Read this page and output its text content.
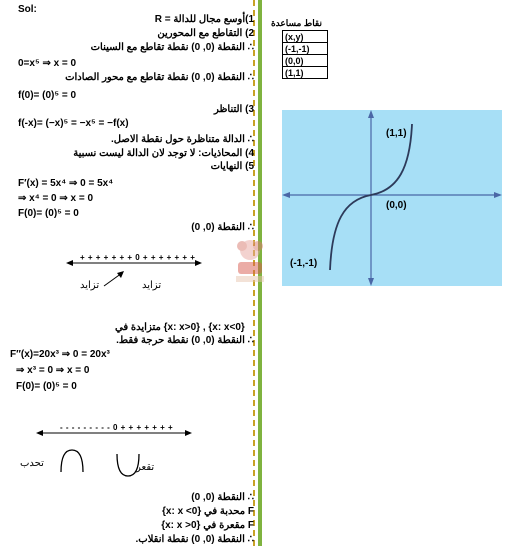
Sol:
1)أوسع مجال للدالة = R
2) التقاطع مع المحورين
∴ النقطة (0, 0) نقطة تقاطع مع السينات
0=x⁵ ⇒ x = 0
∴ النقطة (0, 0) نقطة تقاطع مع محور الصادات
f(0)= (0)⁵ = 0
3) التناظر
f(-x)= (−x)⁵ = −x⁵ = −f(x)
∴ الدالة متناظرة حول نقطة الاصل.
4) المحاذيات: لا توجد لان الدالة ليست نسبية
5) النهايات
F′(x) = 5x⁴ ⇒ 0 = 5x⁴
⇒ x⁴ = 0 ⇒ x = 0
F(0)= (0)⁵ = 0
∴ النقطة (0, 0)
+ + + + + + + 0 + + + + + + +
تزايد	تزايد
متزايدة في {x: x>0} , {x: x<0}
∴ النقطة (0, 0) نقطة حرجة فقط.
F″(x)=20x³ ⇒ 0 = 20x³
⇒ x³ = 0 ⇒ x = 0
F(0)= (0)⁵ = 0
- - - - - - - - - 0 + + + + + + +
تحدب	تقعر
∴ النقطة (0, 0)
F محدبة في {x: x <0}
F مقعرة في {x: x >0}
∴ النقطة (0, 0) نقطة انقلاب.
نقاط مساعدة
(x,y)
(-1,-1)
(0,0)
(1,1)
(1,1)
(0,0)
(-1,-1)
